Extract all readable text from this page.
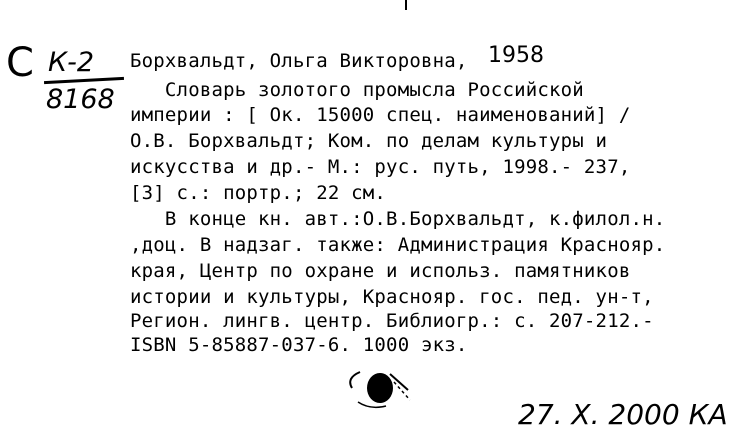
С К-2
8168
Борхвальдт, Ольга Викторовна, 1958
Словарь золотого промысла Российской
империи : [ Ок. 15000 спец. наименований] /
О.В. Борхвальдт; Ком. по делам культуры и
искусства и др.- М.: рус. путь, 1998.- 237,
[3] с.: портр.; 22 см.
В конце кн. авт.:О.В.Борхвальдт, к.филол.н.
,доц. В надзаг. также: Администрация Краснояр.
края, Центр по охране и использ. памятников
истории и культуры, Краснояр. гос. пед. ун-т,
Регион. лингв. центр. Библиогр.: с. 207-212.-
ISBN 5-85887-037-6. 1000 экз.
27. X. 2000 КА
